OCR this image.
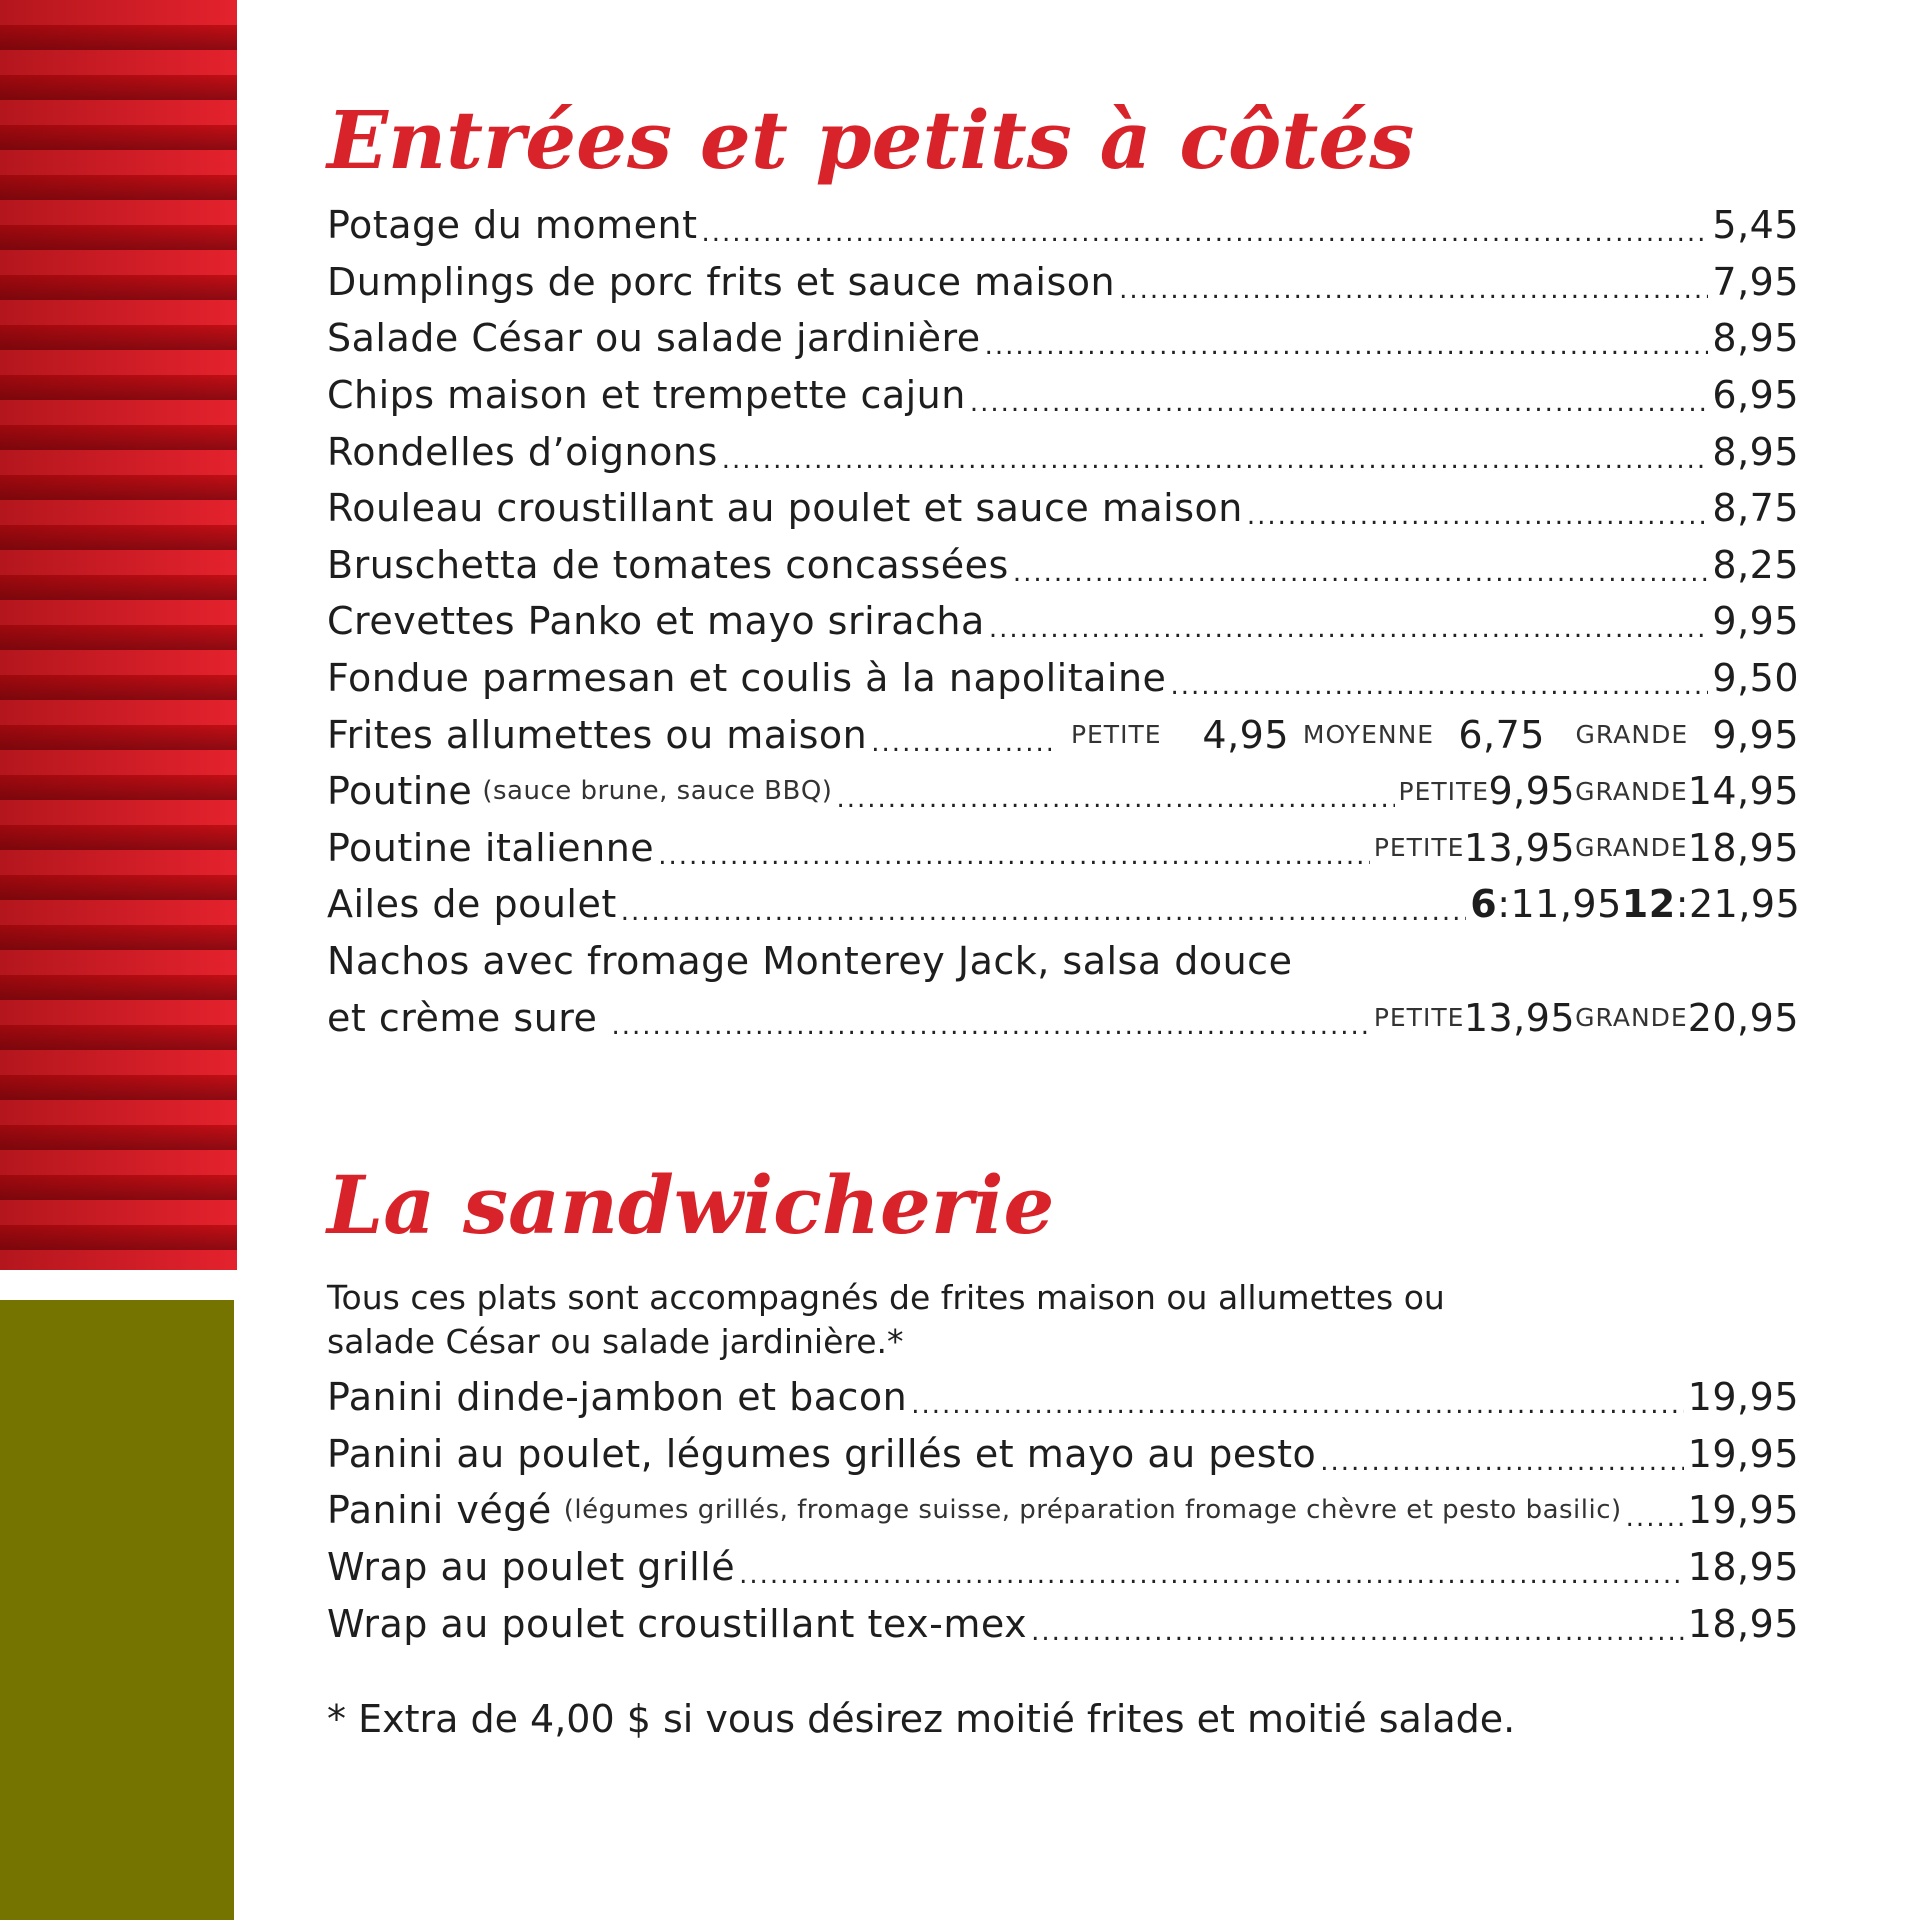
Entrées et petits à côtés
Potage du moment .....	5,45
Dumplings de porc frits et sauce maison .....	7,95
Salade César ou salade jardinière .....	8,95
Chips maison et trempette cajun .....	6,95
Rondelles d’oignons .....	8,95
Rouleau croustillant au poulet et sauce maison .....	8,75
Bruschetta de tomates concassées .....	8,25
Crevettes Panko et mayo sriracha .....	9,95
Fondue parmesan et coulis à la napolitaine .....	9,50
Frites allumettes ou maison .....	PETITE	4,95 MOYENNE 6,75	GRANDE 9,95
Poutine (sauce brune, sauce BBQ) .....	PETITE 9,95 GRANDE 14,95
Poutine italienne .....	PETITE 13,95 GRANDE 18,95
Ailes de poulet .....	6 : 11,95 12 : 21,95
Nachos avec fromage Monterey Jack, salsa douce
et crème sure .....	PETITE 13,95 GRANDE 20,95
La sandwicherie
Tous ces plats sont accompagnés de frites maison ou allumettes ou
salade César ou salade jardinière.*
Panini dinde-jambon et bacon .....	19,95
Panini au poulet, légumes grillés et mayo au pesto .....	19,95
Panini végé (légumes grillés, fromage suisse, préparation fromage chèvre et pesto basilic) ..... 19,95
Wrap au poulet grillé .....	18,95
Wrap au poulet croustillant tex-mex .....	18,95
* Extra de 4,00 $ si vous désirez moitié frites et moitié salade.
